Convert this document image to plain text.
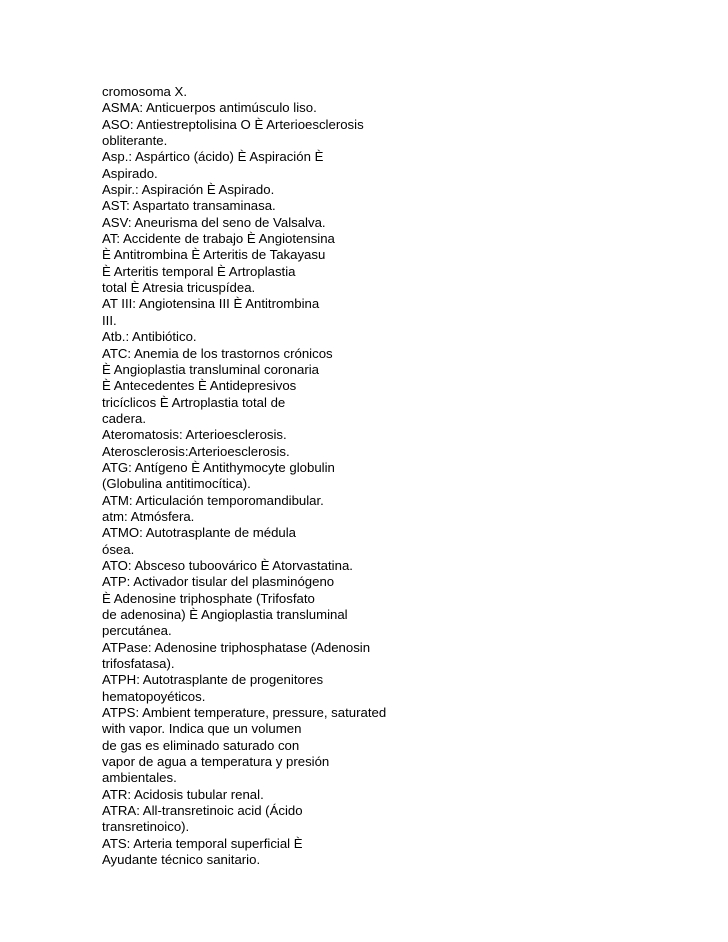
cromosoma X.
ASMA: Anticuerpos antimúsculo liso.
ASO: Antiestreptolisina O È Arterioesclerosis
obliterante.
Asp.: Aspártico (ácido) È Aspiración È
Aspirado.
Aspir.: Aspiración È Aspirado.
AST: Aspartato transaminasa.
ASV: Aneurisma del seno de Valsalva.
AT: Accidente de trabajo È Angiotensina
È Antitrombina È Arteritis de Takayasu
È Arteritis temporal È Artroplastia
total È Atresia tricuspídea.
AT III: Angiotensina III È Antitrombina
III.
Atb.: Antibiótico.
ATC: Anemia de los trastornos crónicos
È Angioplastia transluminal coronaria
È Antecedentes È Antidepresivos
tricíclicos È Artroplastia total de
cadera.
Ateromatosis: Arterioesclerosis.
Aterosclerosis:Arterioesclerosis.
ATG: Antígeno È Antithymocyte globulin
(Globulina antitimocítica).
ATM: Articulación temporomandibular.
atm: Atmósfera.
ATMO: Autotrasplante de médula
ósea.
ATO: Absceso tuboovárico È Atorvastatina.
ATP: Activador tisular del plasminógeno
È Adenosine triphosphate (Trifosfato
de adenosina) È Angioplastia transluminal
percutánea.
ATPase: Adenosine triphosphatase (Adenosin
trifosfatasa).
ATPH: Autotrasplante de progenitores
hematopoyéticos.
ATPS: Ambient temperature, pressure, saturated
with vapor. Indica que un volumen
de gas es eliminado saturado con
vapor de agua a temperatura y presión
ambientales.
ATR: Acidosis tubular renal.
ATRA: All-transretinoic acid (Ácido
transretinoico).
ATS: Arteria temporal superficial È
Ayudante técnico sanitario.
